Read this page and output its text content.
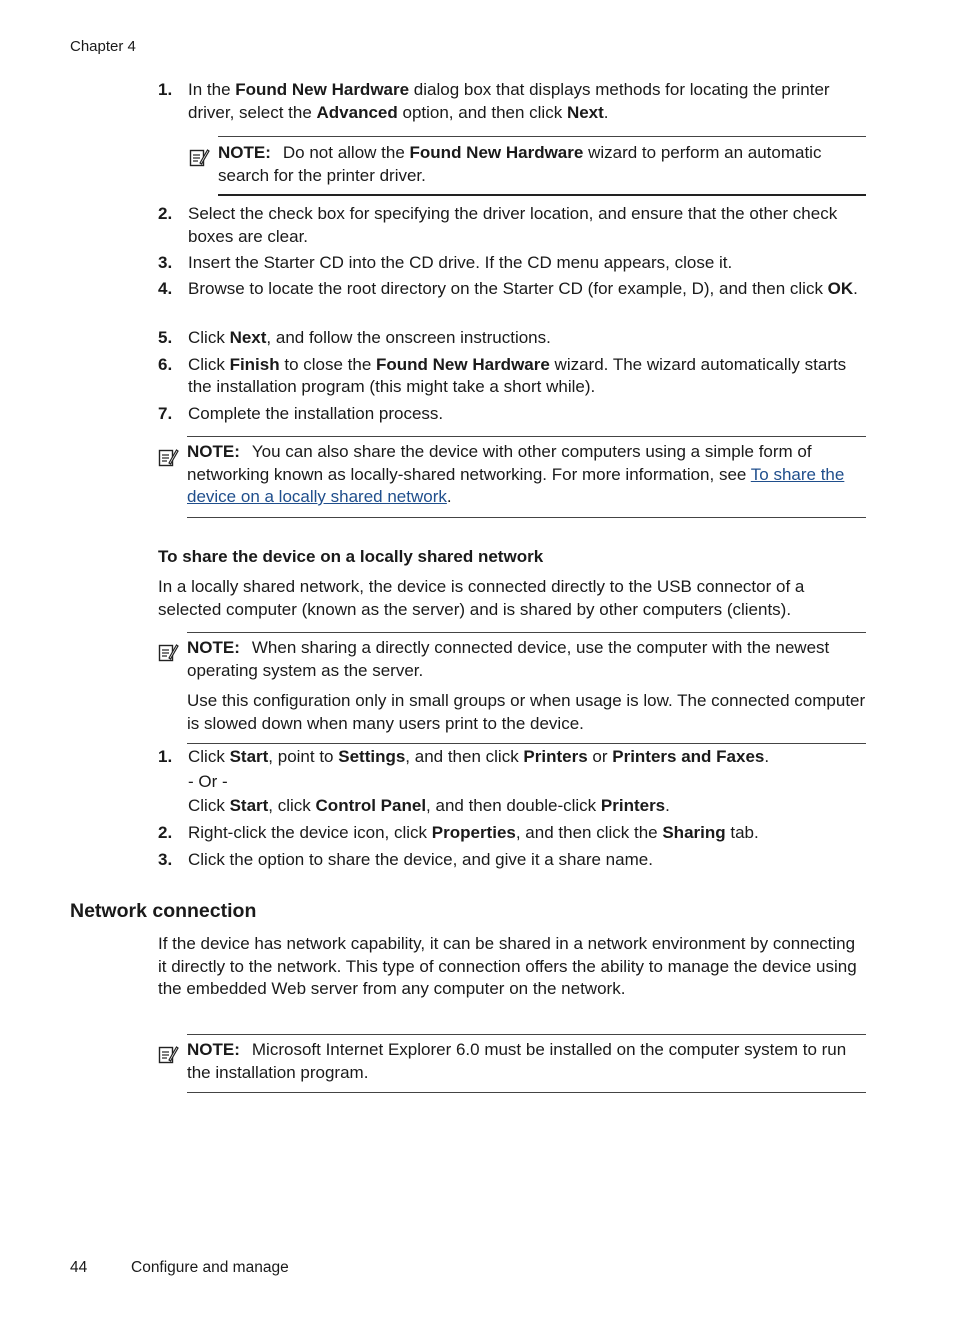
Chapter 4
1. In the Found New Hardware dialog box that displays methods for locating the printer driver, select the Advanced option, and then click Next.
NOTE: Do not allow the Found New Hardware wizard to perform an automatic search for the printer driver.
2. Select the check box for specifying the driver location, and ensure that the other check boxes are clear.
3. Insert the Starter CD into the CD drive. If the CD menu appears, close it.
4. Browse to locate the root directory on the Starter CD (for example, D), and then click OK.
5. Click Next, and follow the onscreen instructions.
6. Click Finish to close the Found New Hardware wizard. The wizard automatically starts the installation program (this might take a short while).
7. Complete the installation process.
NOTE: You can also share the device with other computers using a simple form of networking known as locally-shared networking. For more information, see To share the device on a locally shared network.
To share the device on a locally shared network
In a locally shared network, the device is connected directly to the USB connector of a selected computer (known as the server) and is shared by other computers (clients).
NOTE: When sharing a directly connected device, use the computer with the newest operating system as the server.
Use this configuration only in small groups or when usage is low. The connected computer is slowed down when many users print to the device.
1. Click Start, point to Settings, and then click Printers or Printers and Faxes.
- Or -
Click Start, click Control Panel, and then double-click Printers.
2. Right-click the device icon, click Properties, and then click the Sharing tab.
3. Click the option to share the device, and give it a share name.
Network connection
If the device has network capability, it can be shared in a network environment by connecting it directly to the network. This type of connection offers the ability to manage the device using the embedded Web server from any computer on the network.
NOTE: Microsoft Internet Explorer 6.0 must be installed on the computer system to run the installation program.
44	Configure and manage
